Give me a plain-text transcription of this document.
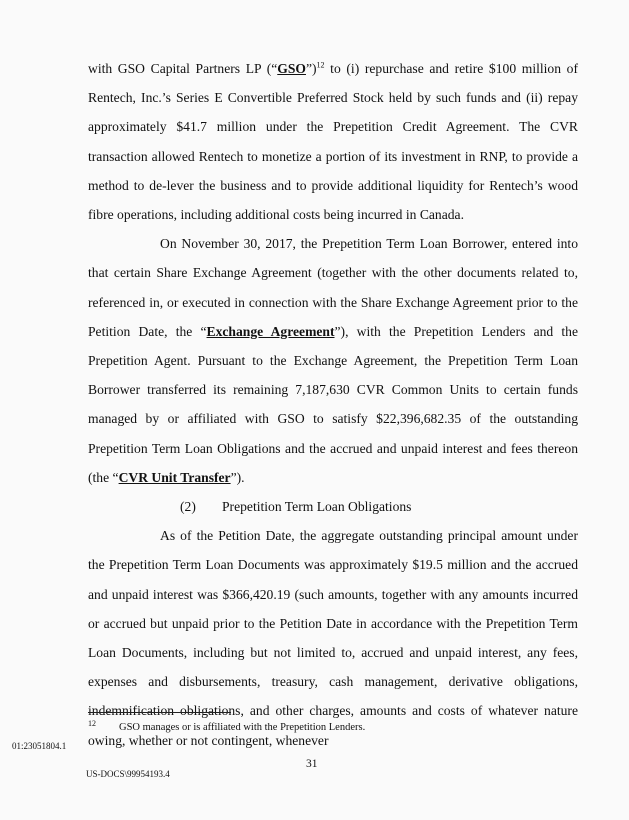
with GSO Capital Partners LP (“GSO”)$^{12}$ to (i) repurchase and retire $100 million of Rentech, Inc.’s Series E Convertible Preferred Stock held by such funds and (ii) repay approximately $41.7 million under the Prepetition Credit Agreement. The CVR transaction allowed Rentech to monetize a portion of its investment in RNP, to provide a method to de-lever the business and to provide additional liquidity for Rentech’s wood fibre operations, including additional costs being incurred in Canada.

On November 30, 2017, the Prepetition Term Loan Borrower, entered into that certain Share Exchange Agreement (together with the other documents related to, referenced in, or executed in connection with the Share Exchange Agreement prior to the Petition Date, the “Exchange Agreement”), with the Prepetition Lenders and the Prepetition Agent. Pursuant to the Exchange Agreement, the Prepetition Term Loan Borrower transferred its remaining 7,187,630 CVR Common Units to certain funds managed by or affiliated with GSO to satisfy $22,396,682.35 of the outstanding Prepetition Term Loan Obligations and the accrued and unpaid interest and fees thereon (the “CVR Unit Transfer”).

(2) Prepetition Term Loan Obligations

As of the Petition Date, the aggregate outstanding principal amount under the Prepetition Term Loan Documents was approximately $19.5 million and the accrued and unpaid interest was $366,420.19 (such amounts, together with any amounts incurred or accrued but unpaid prior to the Petition Date in accordance with the Prepetition Term Loan Documents, including but not limited to, accrued and unpaid interest, any fees, expenses and disbursements, treasury, cash management, derivative obligations, indemnification obligations, and other charges, amounts and costs of whatever nature owing, whether or not contingent, whenever

12 GSO manages or is affiliated with the Prepetition Lenders.
01:23051804.1
31
US-DOCS\99954193.4
